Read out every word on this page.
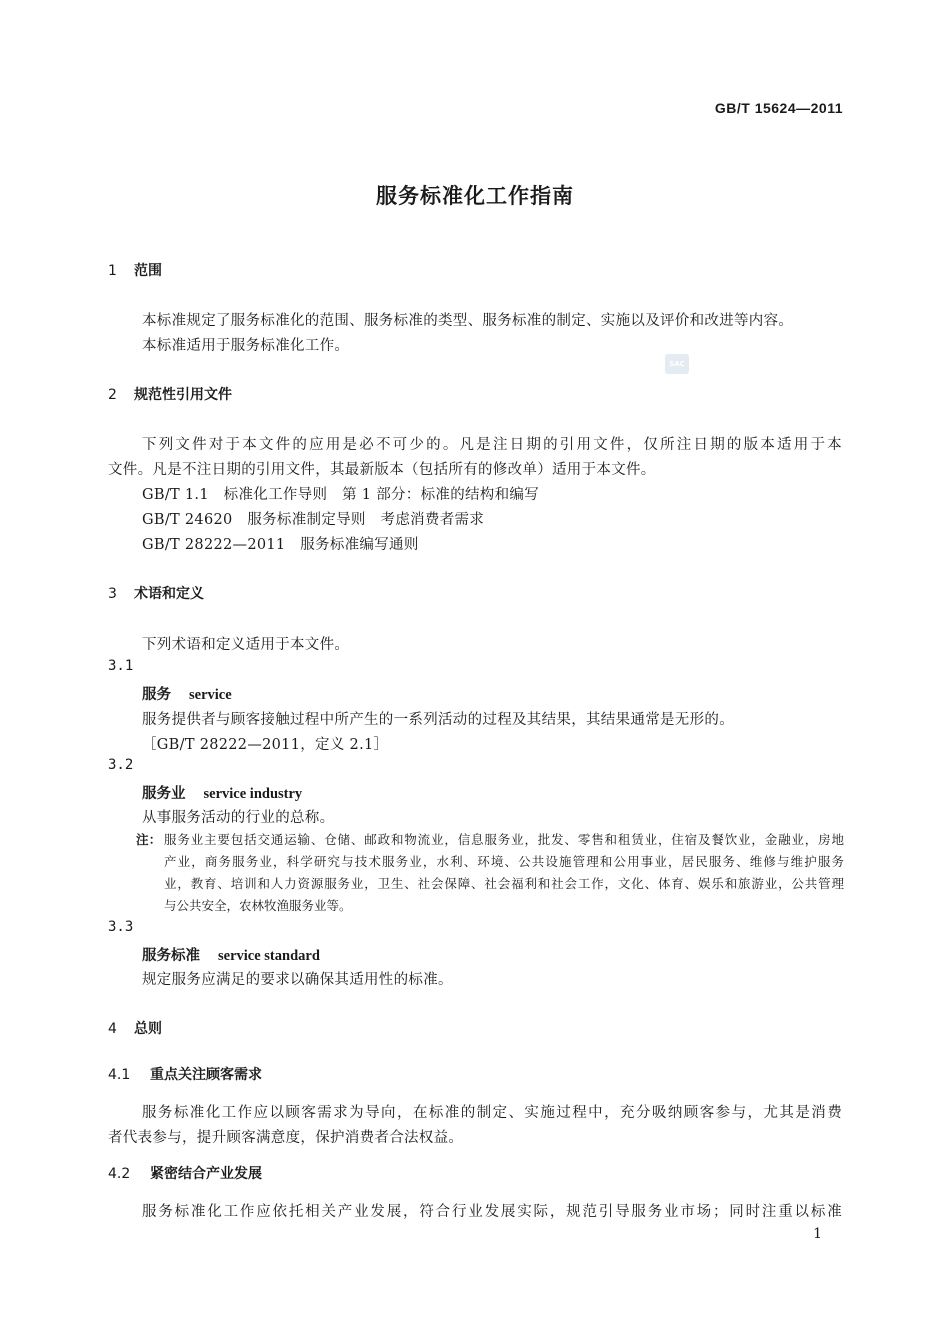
GB/T 15624—2011
服务标准化工作指南
SAC
1 范围
本标准规定了服务标准化的范围、服务标准的类型、服务标准的制定、实施以及评价和改进等内容。
本标准适用于服务标准化工作。
2 规范性引用文件
下列文件对于本文件的应用是必不可少的。凡是注日期的引用文件，仅所注日期的版本适用于本
文件。凡是不注日期的引用文件，其最新版本（包括所有的修改单）适用于本文件。
GB/T 1.1　标准化工作导则　第 1 部分：标准的结构和编写
GB/T 24620　服务标准制定导则　考虑消费者需求
GB/T 28222—2011　服务标准编写通则
3 术语和定义
下列术语和定义适用于本文件。
3.1
服务 service
服务提供者与顾客接触过程中所产生的一系列活动的过程及其结果，其结果通常是无形的。
［GB/T 28222—2011，定义 2.1］
3.2
服务业 service industry
从事服务活动的行业的总称。
注： 服务业主要包括交通运输、仓储、邮政和物流业，信息服务业，批发、零售和租赁业，住宿及餐饮业，金融业，房地
产业，商务服务业，科学研究与技术服务业，水利、环境、公共设施管理和公用事业，居民服务、维修与维护服务
业，教育、培训和人力资源服务业，卫生、社会保障、社会福利和社会工作，文化、体育、娱乐和旅游业，公共管理
与公共安全，农林牧渔服务业等。
3.3
服务标准 service standard
规定服务应满足的要求以确保其适用性的标准。
4 总则
4.1 重点关注顾客需求
服务标准化工作应以顾客需求为导向，在标准的制定、实施过程中，充分吸纳顾客参与，尤其是消费
者代表参与，提升顾客满意度，保护消费者合法权益。
4.2 紧密结合产业发展
服务标准化工作应依托相关产业发展，符合行业发展实际，规范引导服务业市场；同时注重以标准
1
